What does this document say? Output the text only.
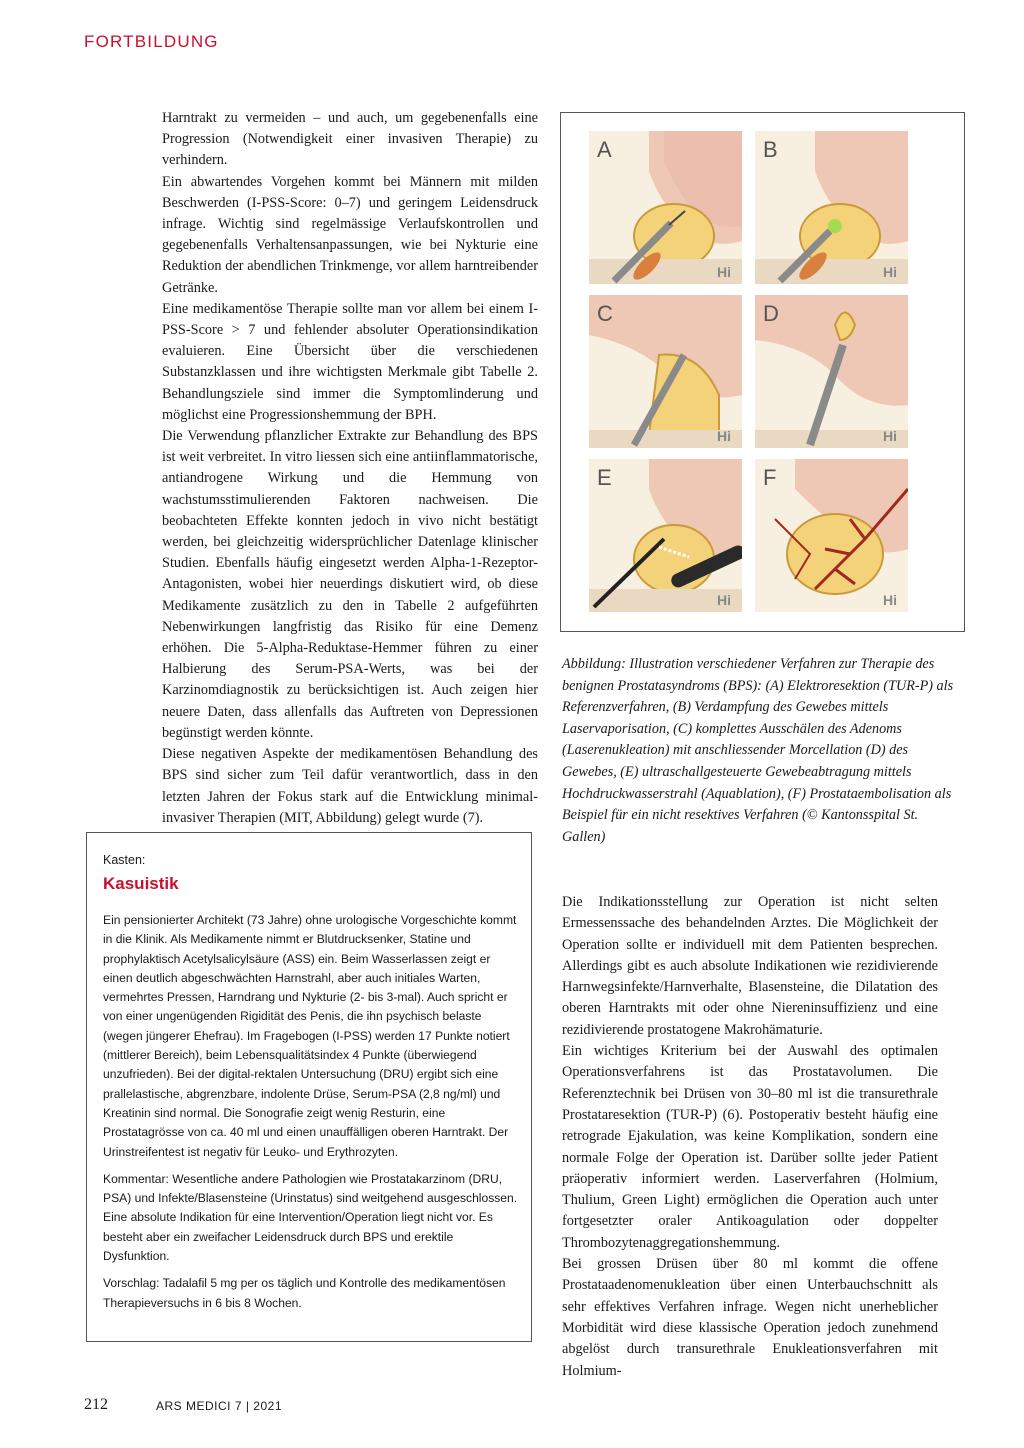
FORTBILDUNG

Harntrakt zu vermeiden – und auch, um gegebenenfalls eine Progression (Notwendigkeit einer invasiven Therapie) zu verhindern.

Ein abwartendes Vorgehen kommt bei Männern mit milden Beschwerden (I-PSS-Score: 0–7) und geringem Leidensdruck infrage. Wichtig sind regelmässige Verlaufskontrollen und gegebenenfalls Verhaltensanpassungen, wie bei Nykturie eine Reduktion der abendlichen Trinkmenge, vor allem harntreibender Getränke.

Eine medikamentöse Therapie sollte man vor allem bei einem I-PSS-Score > 7 und fehlender absoluter Operationsindikation evaluieren. Eine Übersicht über die verschiedenen Substanzklassen und ihre wichtigsten Merkmale gibt Tabelle 2. Behandlungsziele sind immer die Symptomlinderung und möglichst eine Progressionshemmung der BPH.

Die Verwendung pflanzlicher Extrakte zur Behandlung des BPS ist weit verbreitet. In vitro liessen sich eine antiinflammatorische, antiandrogene Wirkung und die Hemmung von wachstumsstimulierenden Faktoren nachweisen. Die beobachteten Effekte konnten jedoch in vivo nicht bestätigt werden, bei gleichzeitig widersprüchlicher Datenlage klinischer Studien. Ebenfalls häufig eingesetzt werden Alpha-1-Rezeptor-Antagonisten, wobei hier neuerdings diskutiert wird, ob diese Medikamente zusätzlich zu den in Tabelle 2 aufgeführten Nebenwirkungen langfristig das Risiko für eine Demenz erhöhen. Die 5-Alpha-Reduktase-Hemmer führen zu einer Halbierung des Serum-PSA-Werts, was bei der Karzinomdiagnostik zu berücksichtigen ist. Auch zeigen hier neuere Daten, dass allenfalls das Auftreten von Depressionen begünstigt werden könnte.

Diese negativen Aspekte der medikamentösen Behandlung des BPS sind sicher zum Teil dafür verantwortlich, dass in den letzten Jahren der Fokus stark auf die Entwicklung minimal-invasiver Therapien (MIT, Abbildung) gelegt wurde (7).

A
Hi
B
Hi
C
Hi
D
Hi
E
Hi
F
Hi
Abbildung: Illustration verschiedener Verfahren zur Therapie des benignen Prostatasyndroms (BPS): (A) Elektroresektion (TUR-P) als Referenzverfahren, (B) Verdampfung des Gewebes mittels Laservaporisation, (C) komplettes Ausschälen des Adenoms (Laserenukleation) mit anschliessender Morcellation (D) des Gewebes, (E) ultraschallgesteuerte Gewebeabtragung mittels Hochdruckwasserstrahl (Aquablation), (F) Prostataembolisation als Beispiel für ein nicht resektives Verfahren (© Kantonsspital St. Gallen)
Kasten:
Kasuistik

Ein pensionierter Architekt (73 Jahre) ohne urologische Vorgeschichte kommt in die Klinik. Als Medikamente nimmt er Blutdrucksenker, Statine und prophylaktisch Acetylsalicylsäure (ASS) ein. Beim Wasserlassen zeigt er einen deutlich abgeschwächten Harnstrahl, aber auch initiales Warten, vermehrtes Pressen, Harndrang und Nykturie (2- bis 3-mal). Auch spricht er von einer ungenügenden Rigidität des Penis, die ihn psychisch belaste (wegen jüngerer Ehefrau). Im Fragebogen (I-PSS) werden 17 Punkte notiert (mittlerer Bereich), beim Lebensqualitätsindex 4 Punkte (überwiegend unzufrieden). Bei der digital-rektalen Untersuchung (DRU) ergibt sich eine prallelastische, abgrenzbare, indolente Drüse, Serum-PSA (2,8 ng/ml) und Kreatinin sind normal. Die Sonografie zeigt wenig Resturin, eine Prostatagrösse von ca. 40 ml und einen unauffälligen oberen Harntrakt. Der Urinstreifentest ist negativ für Leuko- und Erythrozyten.

Kommentar: Wesentliche andere Pathologien wie Prostatakarzinom (DRU, PSA) und Infekte/Blasensteine (Urinstatus) sind weitgehend ausgeschlossen. Eine absolute Indikation für eine Intervention/Operation liegt nicht vor. Es besteht aber ein zweifacher Leidensdruck durch BPS und erektile Dysfunktion.

Vorschlag: Tadalafil 5 mg per os täglich und Kontrolle des medikamentösen Therapieversuchs in 6 bis 8 Wochen.

Die Indikationsstellung zur Operation ist nicht selten Ermessenssache des behandelnden Arztes. Die Möglichkeit der Operation sollte er individuell mit dem Patienten besprechen. Allerdings gibt es auch absolute Indikationen wie rezidivierende Harnwegsinfekte/Harnverhalte, Blasensteine, die Dilatation des oberen Harntrakts mit oder ohne Niereninsuffizienz und eine rezidivierende prostatogene Makrohämaturie.

Ein wichtiges Kriterium bei der Auswahl des optimalen Operationsverfahrens ist das Prostatavolumen. Die Referenztechnik bei Drüsen von 30–80 ml ist die transurethrale Prostataresektion (TUR-P) (6). Postoperativ besteht häufig eine retrograde Ejakulation, was keine Komplikation, sondern eine normale Folge der Operation ist. Darüber sollte jeder Patient präoperativ informiert werden. Laserverfahren (Holmium, Thulium, Green Light) ermöglichen die Operation auch unter fortgesetzter oraler Antikoagulation oder doppelter Thrombozytenaggregationshemmung.

Bei grossen Drüsen über 80 ml kommt die offene Prostataadenomenukleation über einen Unterbauchschnitt als sehr effektives Verfahren infrage. Wegen nicht unerheblicher Morbidität wird diese klassische Operation jedoch zunehmend abgelöst durch transurethrale Enukleationsverfahren mit Holmium-

212	ARS MEDICI 7 | 2021
